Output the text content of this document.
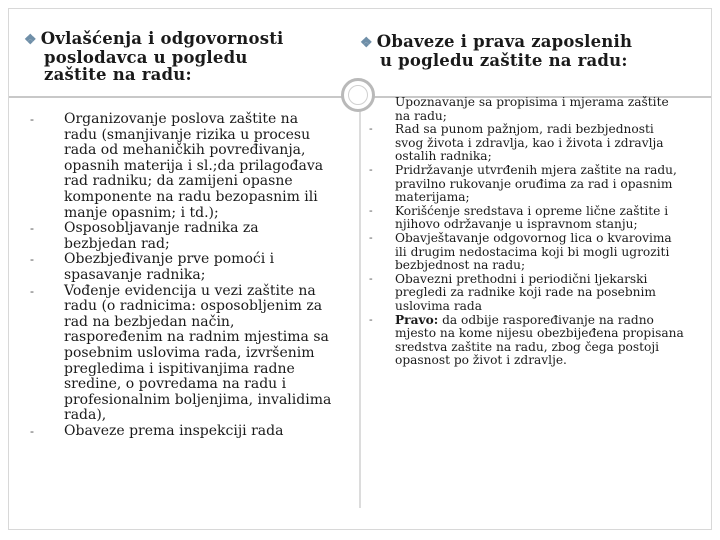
❖ Ovlašćenja i odgovornosti
poslodavca u pogledu
zaštite na radu:
❖ Obaveze i prava zaposlenih
u pogledu zaštite na radu:
- Organizovanje poslova zaštite na radu (smanjivanje rizika u procesu rada od mehaničkih povređivanja, opasnih materija i sl.;da prilagođava rad radniku; da zamijeni opasne komponente na radu bezopasnim ili manje opasnim; i td.);
- Osposobljavanje radnika za bezbjedan rad;
- Obezbjeđivanje prve pomoći i spasavanje radnika;
- Vođenje evidencija u vezi zaštite na radu (o radnicima: osposobljenim za rad na bezbjedan način, raspoređenim na radnim mjestima sa posebnim uslovima rada, izvršenim pregledima i ispitivanjima radne sredine, o povredama na radu i profesionalnim boljenjima, invalidima rada),
- Obaveze prema inspekciji rada
Upoznavanje sa propisima i mjerama zaštite na radu;
- Rad sa punom pažnjom, radi bezbjednosti svog života i zdravlja, kao i života i zdravlja ostalih radnika;
- Pridržavanje utvrđenih mjera zaštite na radu, pravilno rukovanje oruđima za rad i opasnim materijama;
- Korišćenje sredstava i opreme lične zaštite i njihovo održavanje u ispravnom stanju;
- Obavještavanje odgovornog lica o kvarovima ili drugim nedostacima koji bi mogli ugroziti bezbjednost na radu;
- Obavezni prethodni i periodični ljekarski pregledi za radnike koji rade na posebnim uslovima rada
- Pravo: da odbije raspoređivanje na radno mjesto na kome nijesu obezbijeđena propisana sredstva zaštite na radu, zbog čega postoji opasnost po život i zdravlje.
